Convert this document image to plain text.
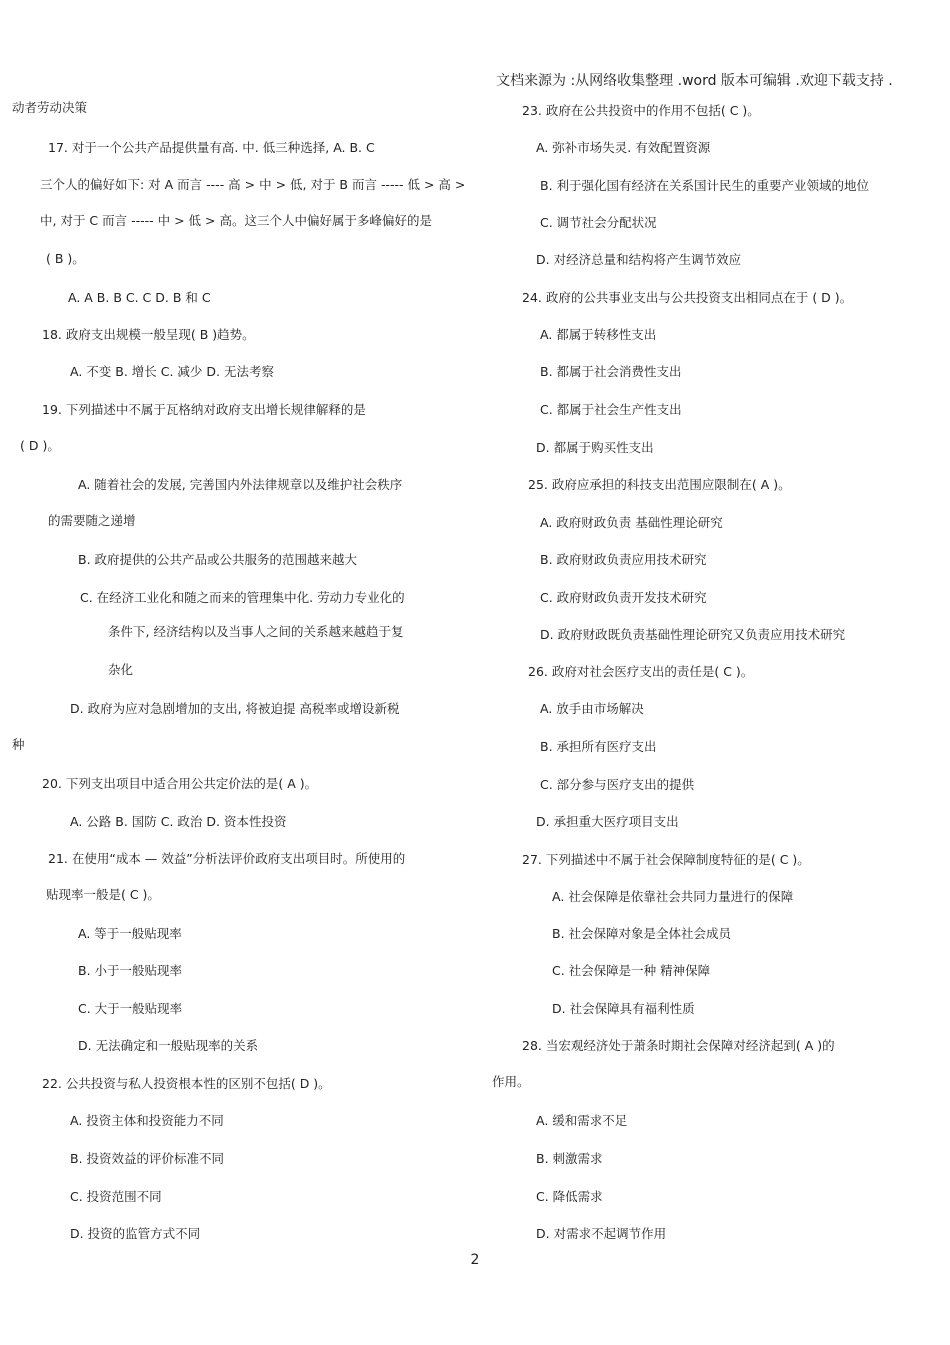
文档来源为 :从网络收集整理 .word 版本可编辑 .欢迎下载支持 .
动者劳动决策
17. 对于一个公共产品提供量有高. 中. 低三种选择, A. B. C
三个人的偏好如下: 对 A 而言 ---- 高 > 中 > 低, 对于 B 而言 ----- 低 > 高 >
中, 对于 C 而言 ----- 中 > 低 > 高。这三个人中偏好属于多峰偏好的是
( B )。
A. A B. B C. C D. B 和 C
18. 政府支出规模一般呈现( B )趋势。
A. 不变 B. 增长 C. 减少 D. 无法考察
19. 下列描述中不属于瓦格纳对政府支出增长规律解释的是
( D )。
A. 随着社会的发展, 完善国内外法律规章以及维护社会秩序
的需要随之递增
B. 政府提供的公共产品或公共服务的范围越来越大
C. 在经济工业化和随之而来的管理集中化. 劳动力专业化的
条件下, 经济结构以及当事人之间的关系越来越趋于复
杂化
D. 政府为应对急剧增加的支出, 将被迫提 高税率或增设新税
种
20. 下列支出项目中适合用公共定价法的是( A )。
A. 公路 B. 国防 C. 政治 D. 资本性投资
21. 在使用“成本 — 效益”分析法评价政府支出项目时。所使用的
贴现率一般是( C )。
A. 等于一般贴现率
B. 小于一般贴现率
C. 大于一般贴现率
D. 无法确定和一般贴现率的关系
22. 公共投资与私人投资根本性的区别不包括( D )。
A. 投资主体和投资能力不同
B. 投资效益的评价标准不同
C. 投资范围不同
D. 投资的监管方式不同
23. 政府在公共投资中的作用不包括( C )。
A. 弥补市场失灵. 有效配置资源
B. 利于强化国有经济在关系国计民生的重要产业领域的地位
C. 调节社会分配状况
D. 对经济总量和结构将产生调节效应
24. 政府的公共事业支出与公共投资支出相同点在于 ( D )。
A. 都属于转移性支出
B. 都属于社会消费性支出
C. 都属于社会生产性支出
D. 都属于购买性支出
25. 政府应承担的科技支出范围应限制在( A )。
A. 政府财政负责 基础性理论研究
B. 政府财政负责应用技术研究
C. 政府财政负责开发技术研究
D. 政府财政既负责基础性理论研究又负责应用技术研究
26. 政府对社会医疗支出的责任是( C )。
A. 放手由市场解决
B. 承担所有医疗支出
C. 部分参与医疗支出的提供
D. 承担重大医疗项目支出
27. 下列描述中不属于社会保障制度特征的是( C )。
A. 社会保障是依靠社会共同力量进行的保障
B. 社会保障对象是全体社会成员
C. 社会保障是一种 精神保障
D. 社会保障具有福利性质
28. 当宏观经济处于萧条时期社会保障对经济起到( A )的
作用。
A. 缓和需求不足
B. 刺激需求
C. 降低需求
D. 对需求不起调节作用
2
